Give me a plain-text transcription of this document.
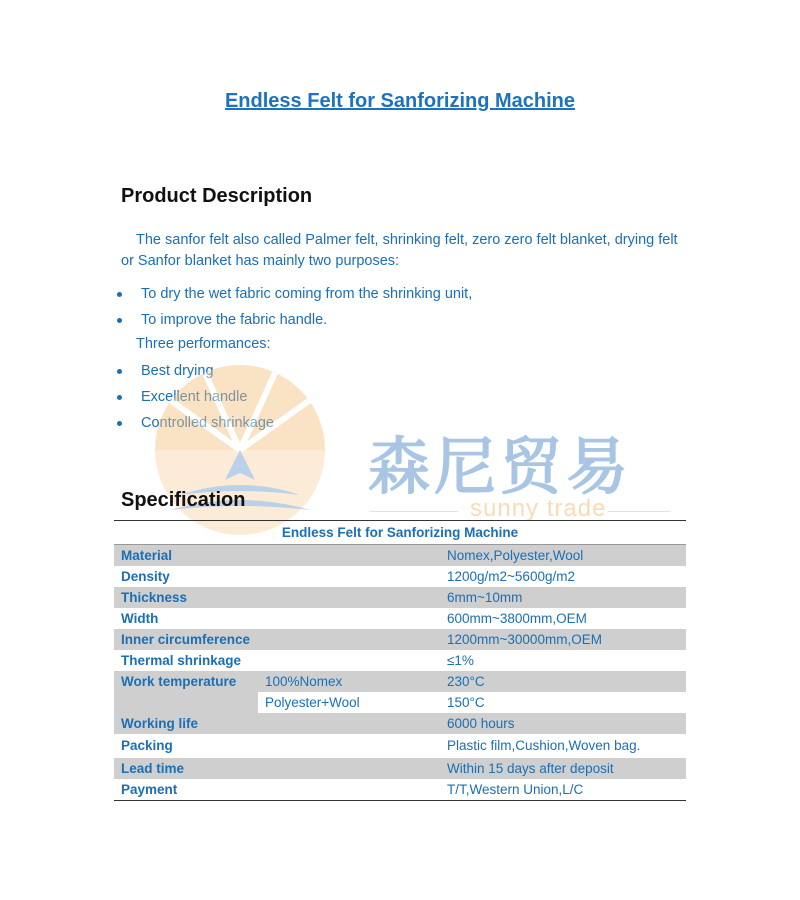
Endless Felt for Sanforizing Machine
Product Description
The sanfor felt also called Palmer felt, shrinking felt, zero zero felt blanket, drying felt or Sanfor blanket has mainly two purposes:
To dry the wet fabric coming from the shrinking unit,
To improve the fabric handle.
Three performances:
Best drying
Excellent handle
Controlled shrinkage
森尼贸易
sunny trade
Specification
Endless Felt for Sanforizing Machine		
Material		Nomex,Polyester,Wool
Density		1200g/m2~5600g/m2
Thickness		6mm~10mm
Width		600mm~3800mm,OEM
Inner circumference		1200mm~30000mm,OEM
Thermal shrinkage		≤1%
Work temperature	100%Nomex	230°C
	Polyester+Wool	150°C
Working life		6000 hours
Packing		Plastic film,Cushion,Woven bag.
Lead time		Within 15 days after deposit
Payment		T/T,Western Union,L/C
